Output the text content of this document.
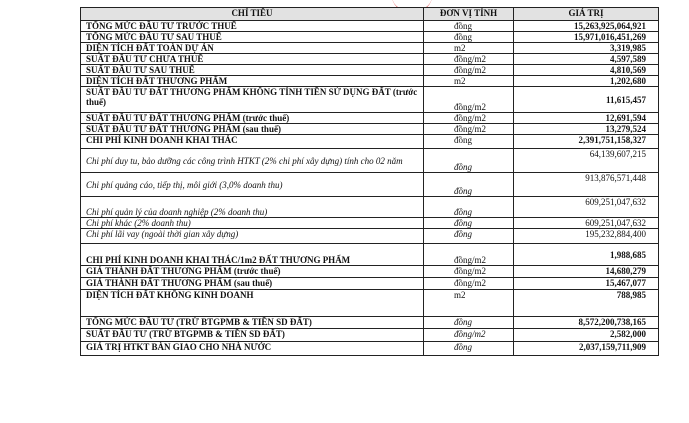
CHỈ TIÊU	ĐƠN VỊ TÍNH	GIÁ TRỊ
TỔNG MỨC ĐẦU TƯ TRƯỚC THUẾ	đồng	15,263,925,064,921
TỔNG MỨC ĐẦU TƯ SAU THUẾ	đồng	15,971,016,451,269
DIỆN TÍCH ĐẤT TOÀN DỰ ÁN	m2	3,319,985
SUẤT ĐẦU TƯ CHƯA THUẾ	đồng/m2	4,597,589
SUẤT ĐẦU TƯ SAU THUẾ	đồng/m2	4,810,569
DIỆN TÍCH ĐẤT THƯƠNG PHẨM	m2	1,202,680
SUẤT ĐẦU TƯ ĐẤT THƯƠNG PHẨM KHÔNG TÍNH TIỀN SỬ DỤNG ĐẤT (trước thuế)	đồng/m2	11,615,457
SUẤT ĐẦU TƯ ĐẤT THƯƠNG PHẨM (trước thuế)	đồng/m2	12,691,594
SUẤT ĐẦU TƯ ĐẤT THƯƠNG PHẨM (sau thuế)	đồng/m2	13,279,524
CHI PHÍ KINH DOANH KHAI THÁC	đồng	2,391,751,158,327
Chi phí duy tu, bảo dưỡng các công trình HTKT (2% chi phí xây dựng) tính cho 02 năm	đồng	64,139,607,215
Chi phí quảng cáo, tiếp thị, môi giới (3,0% doanh thu)	đồng	913,876,571,448
Chi phí quản lý của doanh nghiệp (2% doanh thu)	đồng	609,251,047,632
Chi phí khác (2% doanh thu)	đồng	609,251,047,632
Chi phí lãi vay (ngoài thời gian xây dựng)	đồng	195,232,884,400
CHI PHÍ KINH DOANH KHAI THÁC/1m2 ĐẤT THƯƠNG PHẨM	đồng/m2	1,988,685
GIÁ THÀNH ĐẤT THƯƠNG PHẨM (trước thuế)	đồng/m2	14,680,279
GIÁ THÀNH ĐẤT THƯƠNG PHẨM (sau thuế)	đồng/m2	15,467,077
DIỆN TÍCH ĐẤT KHÔNG KINH DOANH	m2	788,985
TỔNG MỨC ĐẦU TƯ (TRỪ BTGPMB & TIỀN SD ĐẤT)	đồng	8,572,200,738,165
SUẤT ĐẦU TƯ (TRỪ BTGPMB & TIỀN SD ĐẤT)	đồng/m2	2,582,000
GIÁ TRỊ HTKT BÀN GIAO CHO NHÀ NƯỚC	đồng	2,037,159,711,909
